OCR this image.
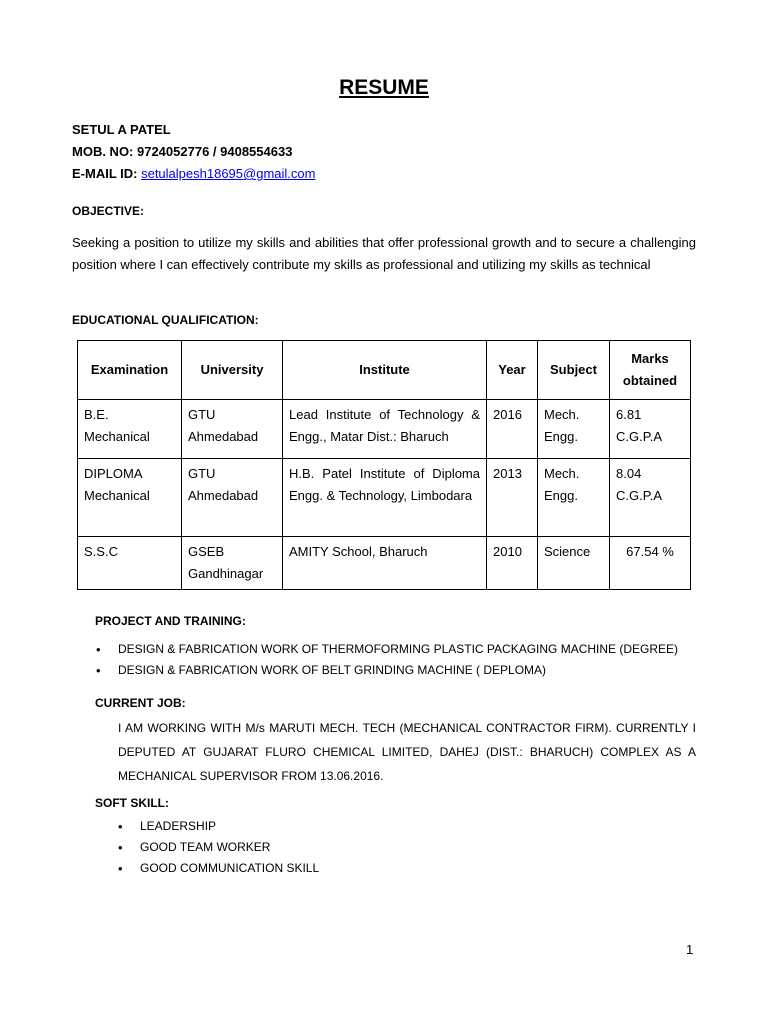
RESUME
SETUL A PATEL
MOB. NO: 9724052776 / 9408554633
E-MAIL ID: setulalpesh18695@gmail.com
OBJECTIVE:

Seeking a position to utilize my skills and abilities that offer professional growth and to secure a challenging position where I can effectively contribute my skills as professional and utilizing my skills as technical

EDUCATIONAL QUALIFICATION:
Examination	University	Institute	Year	Subject	Marks obtained
B.E. Mechanical	GTU Ahmedabad	Lead Institute of Technology & Engg., Matar Dist.: Bharuch	2016	Mech. Engg.	6.81 C.G.P.A
DIPLOMA Mechanical	GTU Ahmedabad	H.B. Patel Institute of Diploma Engg. & Technology, Limbodara	2013	Mech. Engg.	8.04 C.G.P.A
S.S.C	GSEB Gandhinagar	AMITY School, Bharuch	2010	Science	67.54 %
PROJECT AND TRAINING:
• DESIGN & FABRICATION WORK OF THERMOFORMING PLASTIC PACKAGING MACHINE (DEGREE)
• DESIGN & FABRICATION WORK OF BELT GRINDING MACHINE ( DEPLOMA)
CURRENT JOB:

I AM WORKING WITH M/s MARUTI MECH. TECH (MECHANICAL CONTRACTOR FIRM). CURRENTLY I DEPUTED AT GUJARAT FLURO CHEMICAL LIMITED, DAHEJ (DIST.: BHARUCH) COMPLEX AS A MECHANICAL SUPERVISOR FROM 13.06.2016.

SOFT SKILL:
• LEADERSHIP
• GOOD TEAM WORKER
• GOOD COMMUNICATION SKILL
1
